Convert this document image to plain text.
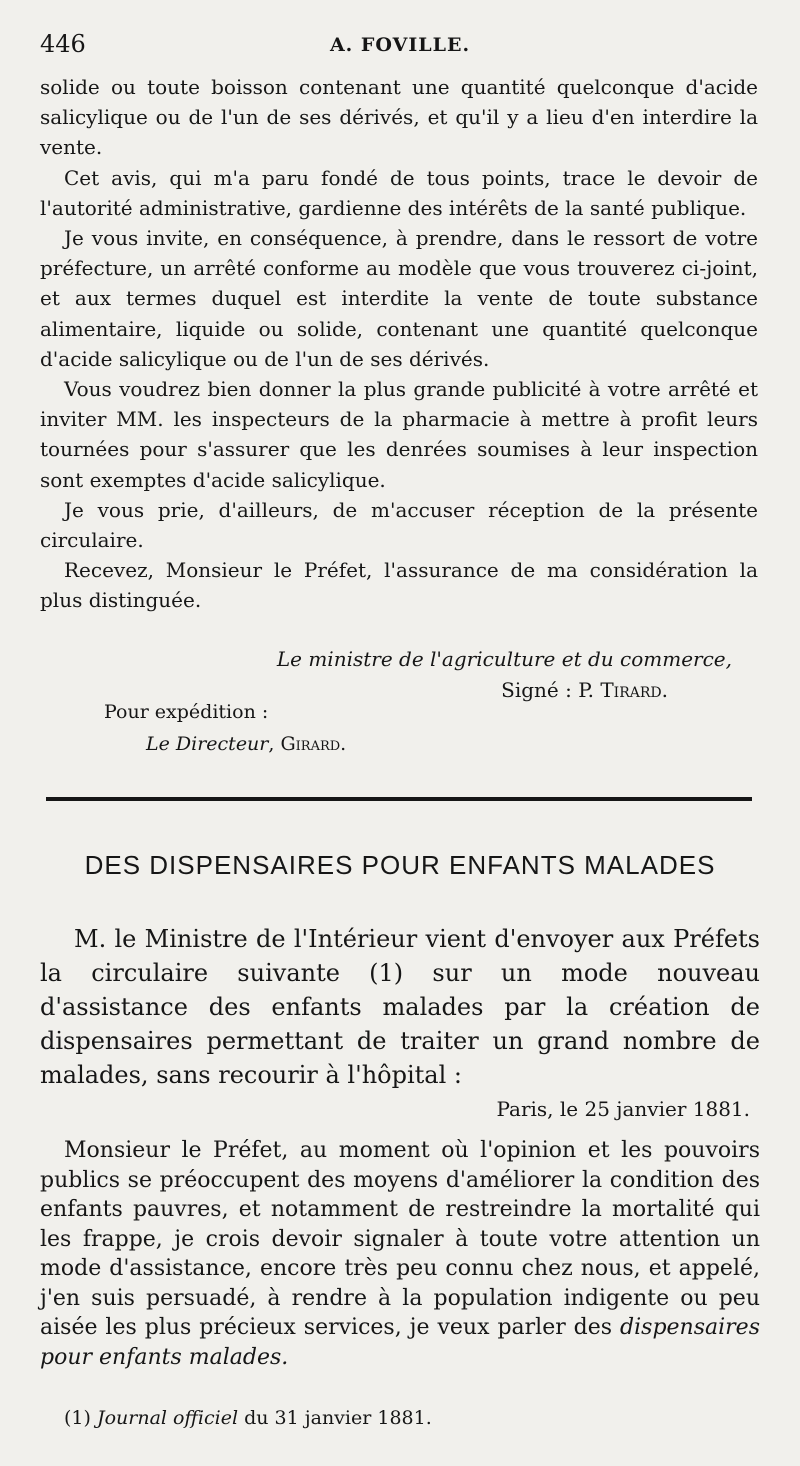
446	A. FOVILLE.

solide ou toute boisson contenant une quantité quelconque d'acide salicylique ou de l'un de ses dérivés, et qu'il y a lieu d'en interdire la vente.

Cet avis, qui m'a paru fondé de tous points, trace le devoir de l'autorité administrative, gardienne des intérêts de la santé publique.

Je vous invite, en conséquence, à prendre, dans le ressort de votre préfecture, un arrêté conforme au modèle que vous trouverez ci-joint, et aux termes duquel est interdite la vente de toute substance alimentaire, liquide ou solide, contenant une quantité quelconque d'acide salicylique ou de l'un de ses dérivés.

Vous voudrez bien donner la plus grande publicité à votre arrêté et inviter MM. les inspecteurs de la pharmacie à mettre à profit leurs tournées pour s'assurer que les denrées soumises à leur inspection sont exemptes d'acide salicylique.

Je vous prie, d'ailleurs, de m'accuser réception de la présente circulaire.

Recevez, Monsieur le Préfet, l'assurance de ma considération la plus distinguée.

Le ministre de l'agriculture et du commerce,
Signé : P. Tirard.
Pour expédition :
Le Directeur, Girard.
DES DISPENSAIRES POUR ENFANTS MALADES

M. le Ministre de l'Intérieur vient d'envoyer aux Préfets la circulaire suivante (1) sur un mode nouveau d'assistance des enfants malades par la création de dispensaires permettant de traiter un grand nombre de malades, sans recourir à l'hôpital :

Paris, le 25 janvier 1881.

Monsieur le Préfet, au moment où l'opinion et les pouvoirs publics se préoccupent des moyens d'améliorer la condition des enfants pauvres, et notamment de restreindre la mortalité qui les frappe, je crois devoir signaler à toute votre attention un mode d'assistance, encore très peu connu chez nous, et appelé, j'en suis persuadé, à rendre à la population indigente ou peu aisée les plus précieux services, je veux parler des dispensaires pour enfants malades.

(1) Journal officiel du 31 janvier 1881.
